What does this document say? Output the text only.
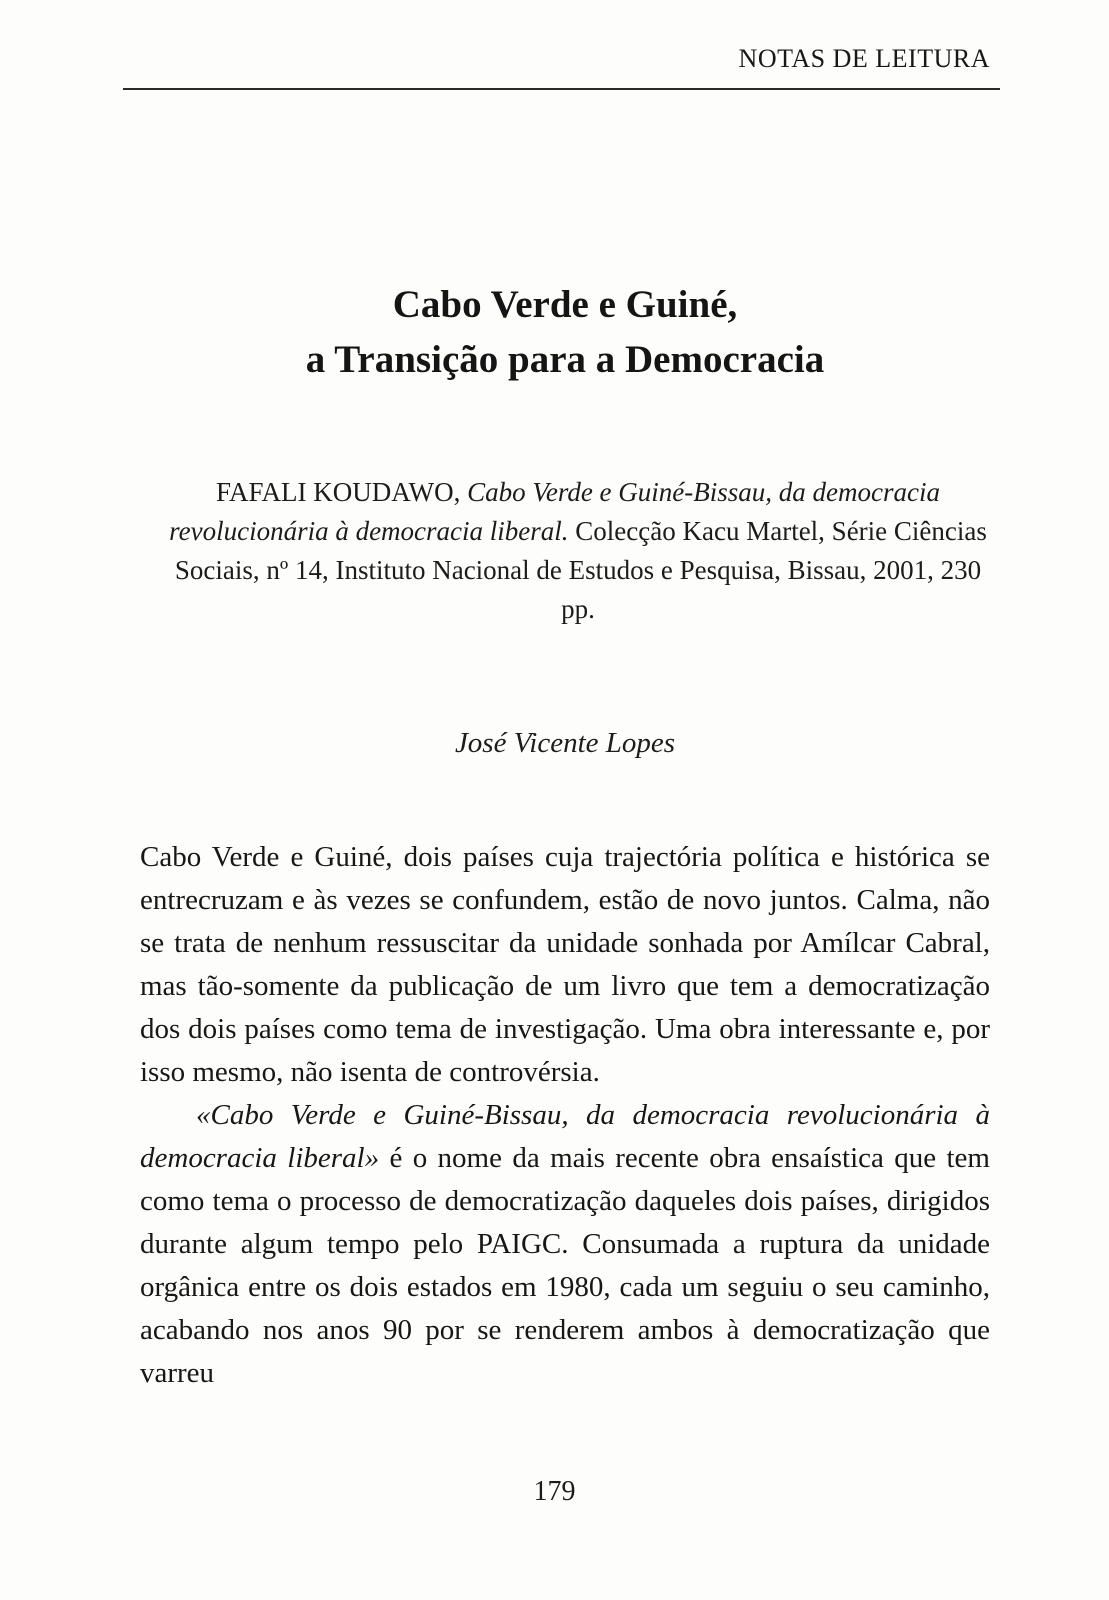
NOTAS DE LEITURA
Cabo Verde e Guiné,
a Transição para a Democracia
FAFALI KOUDAWO, Cabo Verde e Guiné-Bissau, da democracia revolucionária à democracia liberal. Colecção Kacu Martel, Série Ciências Sociais, nº 14, Instituto Nacional de Estudos e Pesquisa, Bissau, 2001, 230 pp.
José Vicente Lopes

Cabo Verde e Guiné, dois países cuja trajectória política e histórica se entrecruzam e às vezes se confundem, estão de novo juntos. Calma, não se trata de nenhum ressuscitar da unidade sonhada por Amílcar Cabral, mas tão-somente da publicação de um livro que tem a democratização dos dois países como tema de investigação. Uma obra interessante e, por isso mesmo, não isenta de controvérsia.

«Cabo Verde e Guiné-Bissau, da democracia revolucionária à democracia liberal» é o nome da mais recente obra ensaística que tem como tema o processo de democratização daqueles dois países, dirigidos durante algum tempo pelo PAIGC. Consumada a ruptura da unidade orgânica entre os dois estados em 1980, cada um seguiu o seu caminho, acabando nos anos 90 por se renderem ambos à democratização que varreu

179
